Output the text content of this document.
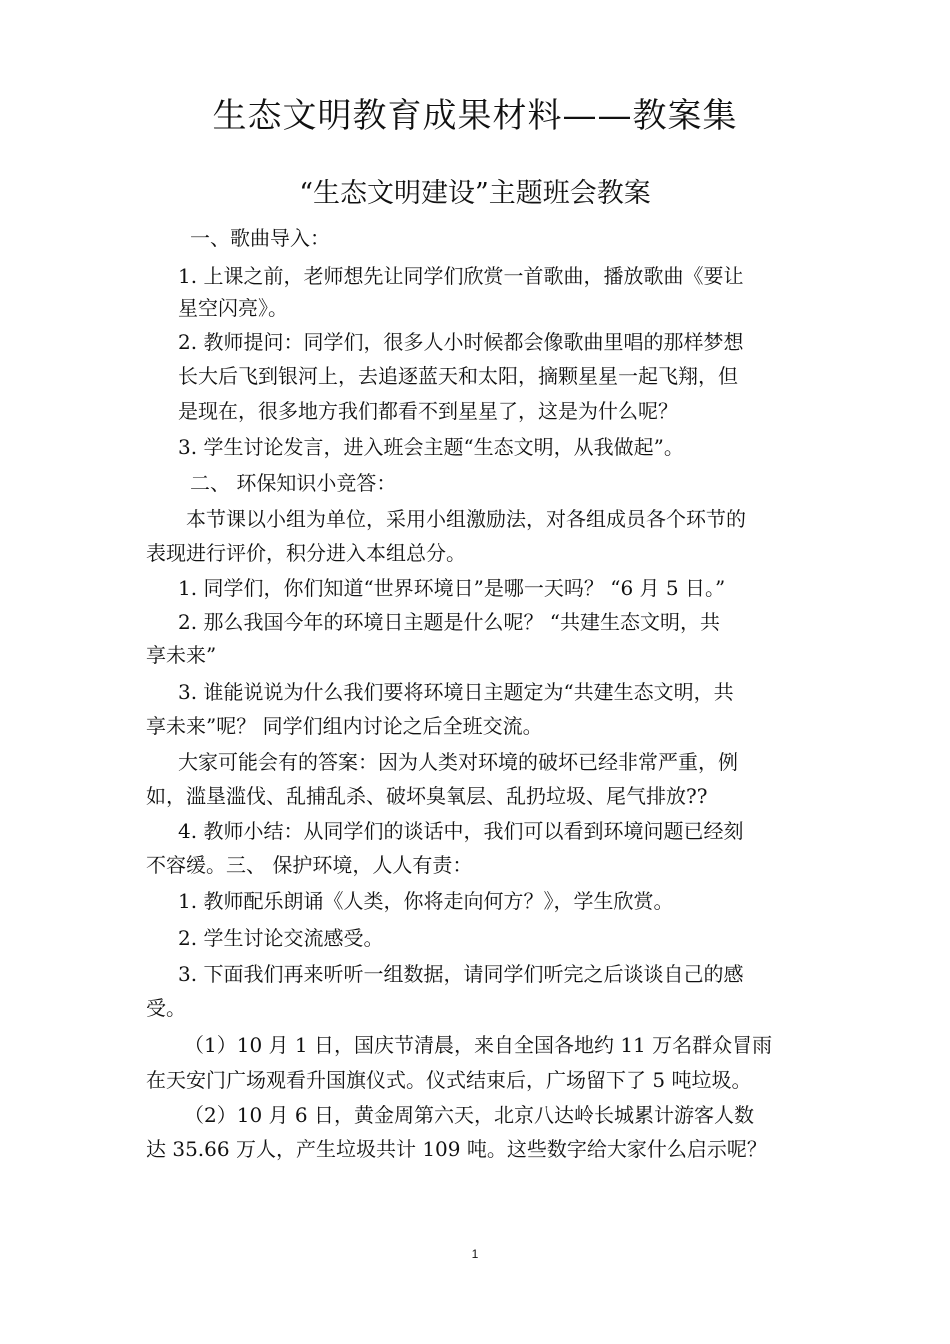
生态文明教育成果材料——教案集
“生态文明建设”主题班会教案
一、歌曲导入：
1. 上课之前，老师想先让同学们欣赏一首歌曲，播放歌曲《要让
星空闪亮》。
2. 教师提问：同学们，很多人小时候都会像歌曲里唱的那样梦想
长大后飞到银河上，去追逐蓝天和太阳，摘颗星星一起飞翔，但
是现在，很多地方我们都看不到星星了，这是为什么呢？
3. 学生讨论发言，进入班会主题“生态文明，从我做起”。
二、 环保知识小竞答：
本节课以小组为单位，采用小组激励法，对各组成员各个环节的
表现进行评价，积分进入本组总分。
1. 同学们，你们知道“世界环境日”是哪一天吗？ “6 月 5 日。”
2. 那么我国今年的环境日主题是什么呢？ “共建生态文明，共
享未来”
3. 谁能说说为什么我们要将环境日主题定为“共建生态文明，共
享未来”呢？ 同学们组内讨论之后全班交流。
大家可能会有的答案：因为人类对环境的破坏已经非常严重，例
如，滥垦滥伐、乱捕乱杀、破坏臭氧层、乱扔垃圾、尾气排放??
4. 教师小结：从同学们的谈话中，我们可以看到环境问题已经刻
不容缓。三、 保护环境，人人有责：
1. 教师配乐朗诵《人类，你将走向何方？》，学生欣赏。
2. 学生讨论交流感受。
3. 下面我们再来听听一组数据，请同学们听完之后谈谈自己的感
受。
（1）10 月 1 日，国庆节清晨，来自全国各地约 11 万名群众冒雨
在天安门广场观看升国旗仪式。仪式结束后，广场留下了 5 吨垃圾。
（2）10 月 6 日，黄金周第六天，北京八达岭长城累计游客人数
达 35.66 万人，产生垃圾共计 109 吨。这些数字给大家什么启示呢？
1
